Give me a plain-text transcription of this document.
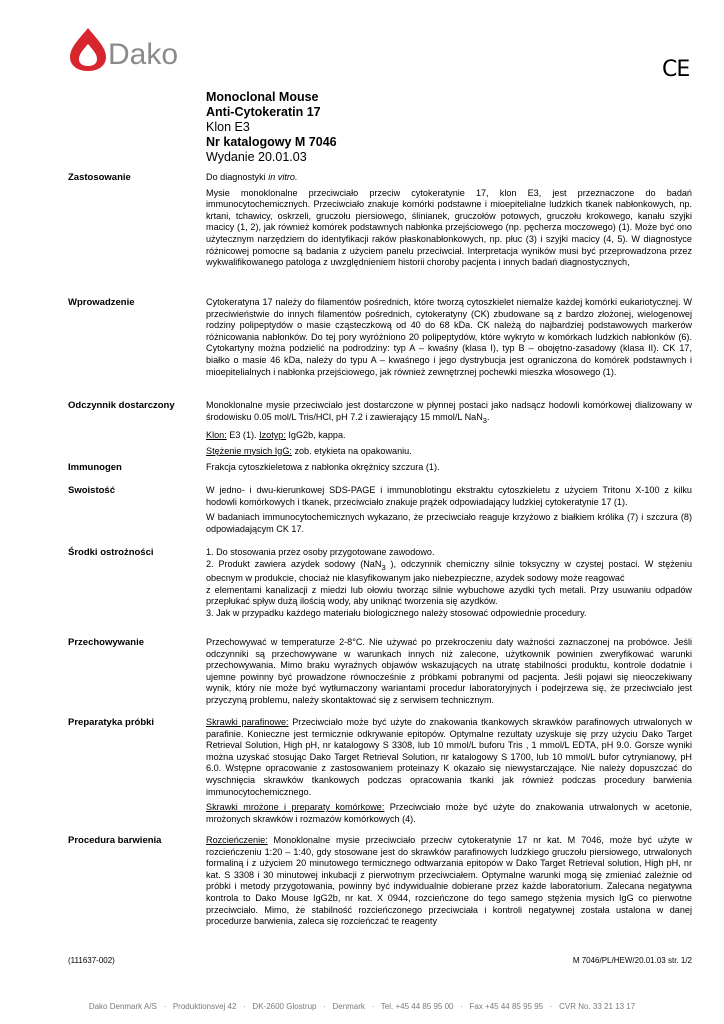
Dako	CE
Monoclonal Mouse
Anti-Cytokeratin 17
Klon E3
Nr katalogowy M 7046
Wydanie 20.01.03
Zastosowanie	Do diagnostyki in vitro.

Mysie monoklonalne przeciwciało przeciw cytokeratynie 17, klon E3, jest przeznaczone do badań immunocytochemicznych. Przeciwciało znakuje komórki podstawne i mioepitelialne ludzkich tkanek nabłonkowych, np. krtani, tchawicy, oskrzeli, gruczołu piersiowego, ślinianek, gruczołów potowych, gruczołu krokowego, kanału szyjki macicy (1, 2), jak również komórek podstawnych nabłonka przejściowego (np. pęcherza moczowego) (1). Może być ono użytecznym narzędziem do identyfikacji raków płaskonabłonkowych, np. płuc (3) i szyjki macicy (4, 5). W diagnostyce różnicowej pomocne są badania z użyciem panelu przeciwciał. Interpretacja wyników musi być przeprowadzona przez wykwalifikowanego patologa z uwzględnieniem historii choroby pacjenta i innych badań diagnostycznych,

Wprowadzenie	Cytokeratyna 17 należy do filamentów pośrednich, które tworzą cytoszkielet niemalże każdej komórki eukariotycznej. W przeciwieństwie do innych filamentów pośrednich, cytokeratyny (CK) zbudowane są z bardzo złożonej, wielogenowej rodziny polipeptydów o masie cząsteczkową od 40 do 68 kDa. CK należą do najbardziej podstawowych markerów różnicowania nabłonków. Do tej pory wyróżniono 20 polipeptydów, które wykryto w komórkach ludzkich nabłonków (6). Cytokartyny można podzielić na podrodziny: typ A – kwaśny (klasa I), typ B – obojętno-zasadowy (klasa II). CK 17, białko o masie 46 kDa, należy do typu A – kwaśnego i jego dystrybucja jest ograniczona do komórek podstawnych i mioepitelialnych i nabłonka przejściowego, jak również zewnętrznej pochewki mieszka włosowego (1).

Odczynnik dostarczony	Monoklonalne mysie przeciwciało jest dostarczone w płynnej postaci jako nadsącz hodowli komórkowej dializowany w środowisku 0.05 mol/L Tris/HCl, pH 7.2 i zawierający 15 mmol/L NaN$_3$.

Klon: E3 (1). Izotyp: IgG2b, kappa.

Stężenie mysich IgG: zob. etykieta na opakowaniu.

Immunogen	Frakcja cytoszkieletowa z nabłonka okrężnicy szczura (1).

Swoistość	W jedno- i dwu-kierunkowej SDS-PAGE i immunoblotingu ekstraktu cytoszkieletu z użyciem Tritonu X-100 z kilku hodowli komórkowych i tkanek, przeciwciało znakuje prążek odpowiadający ludzkiej cytokeratynie 17 (1).

W badaniach immunocytochemicznych wykazano, że przeciwciało reaguje krzyżowo z białkiem królika (7) i szczura (8) odpowiadającym CK 17.

Środki ostrożności	1. Do stosowania przez osoby przygotowane zawodowo.

2. Produkt zawiera azydek sodowy (NaN$_3$ ), odczynnik chemiczny silnie toksyczny w czystej postaci. W stężeniu obecnym w produkcie, chociaż nie klasyfikowanym jako niebezpieczne, azydek sodowy może reagować

z elementami kanalizacji z miedzi lub ołowiu tworząc silnie wybuchowe azydki tych metali. Przy usuwaniu odpadów przepłukać spływ dużą ilością wody, aby uniknąć tworzenia się azydków.

3. Jak w przypadku każdego materiału biologicznego należy stosować odpowiednie procedury.

Przechowywanie	Przechowywać w temperaturze 2-8°C. Nie używać po przekroczeniu daty ważności zaznaczonej na probówce. Jeśli odczynniki są przechowywane w warunkach innych niż zalecone, użytkownik powinien zweryfikować warunki przechowywania. Mimo braku wyraźnych objawów wskazujących na utratę stabilności produktu, kontrole dodatnie i ujemne powinny być prowadzone równocześnie z próbkami pobranymi od pacjenta. Jeśli pojawi się nieoczekiwany wynik, który nie może być wytłumaczony wariantami procedur laboratoryjnych i podejrzewa się, że przeciwciało jest przyczyną problemu, należy skontaktować się z serwisem technicznym.

Preparatyka próbki	Skrawki parafinowe: Przeciwciało może być użyte do znakowania tkankowych skrawków parafinowych utrwalonych w parafinie. Konieczne jest termicznie odkrywanie epitopów. Optymalne rezultaty uzyskuje się przy użyciu Dako Target Retrieval Solution, High pH, nr katalogowy S 3308, lub 10 mmol/L buforu Tris , 1 mmol/L EDTA, pH 9.0. Gorsze wyniki można uzyskać stosując Dako Target Retrieval Solution, nr katalogowy S 1700, lub 10 mmol/L bufor cytrynianowy, pH 6.0. Wstępne opracowanie z zastosowaniem proteinazy K okazało się niewystarczające. Nie należy dopuszczać do wyschnięcia skrawków tkankowych podczas opracowania tkanki jak również podczas procedury barwienia immunocytochemicznego.

Skrawki mrożone i preparaty komórkowe: Przeciwciało może być użyte do znakowania utrwalonych w acetonie, mrożonych skrawków i rozmazów komórkowych (4).

Procedura barwienia	Rozcieńczenie: Monoklonalne mysie przeciwciało przeciw cytokeratynie 17 nr kat. M 7046, może być użyte w rozcieńczeniu 1:20 – 1:40, gdy stosowane jest do skrawków parafinowych ludzkiego gruczołu piersiowego, utrwalonych formaliną i z użyciem 20 minutowego termicznego odtwarzania epitopów w Dako Target Retrieval solution, High pH, nr kat. S 3308 i 30 minutowej inkubacji z pierwotnym przeciwciałem. Optymalne warunki mogą się zmieniać zależnie od próbki i metody przygotowania, powinny być indywidualnie dobierane przez każde laboratorium. Zalecana negatywna kontrola to Dako Mouse IgG2b, nr kat. X 0944, rozcieńczone do tego samego stężenia mysich IgG co pierwotne przeciwciało. Mimo, że stabilność rozcieńczonego przeciwciała i kontroli negatywnej została ustalona w danej procedurze barwienia, zaleca się rozcieńczać te reagenty

(111637-002)	M 7046/PL/HEW/20.01.03 str. 1/2
Dako Denmark A/S   ·   Produktionsvej 42   ·   DK-2600 Glostrup   ·   Denmark   ·   Tel. +45 44 85 95 00   ·   Fax +45 44 85 95 95   ·   CVR No. 33 21 13 17
